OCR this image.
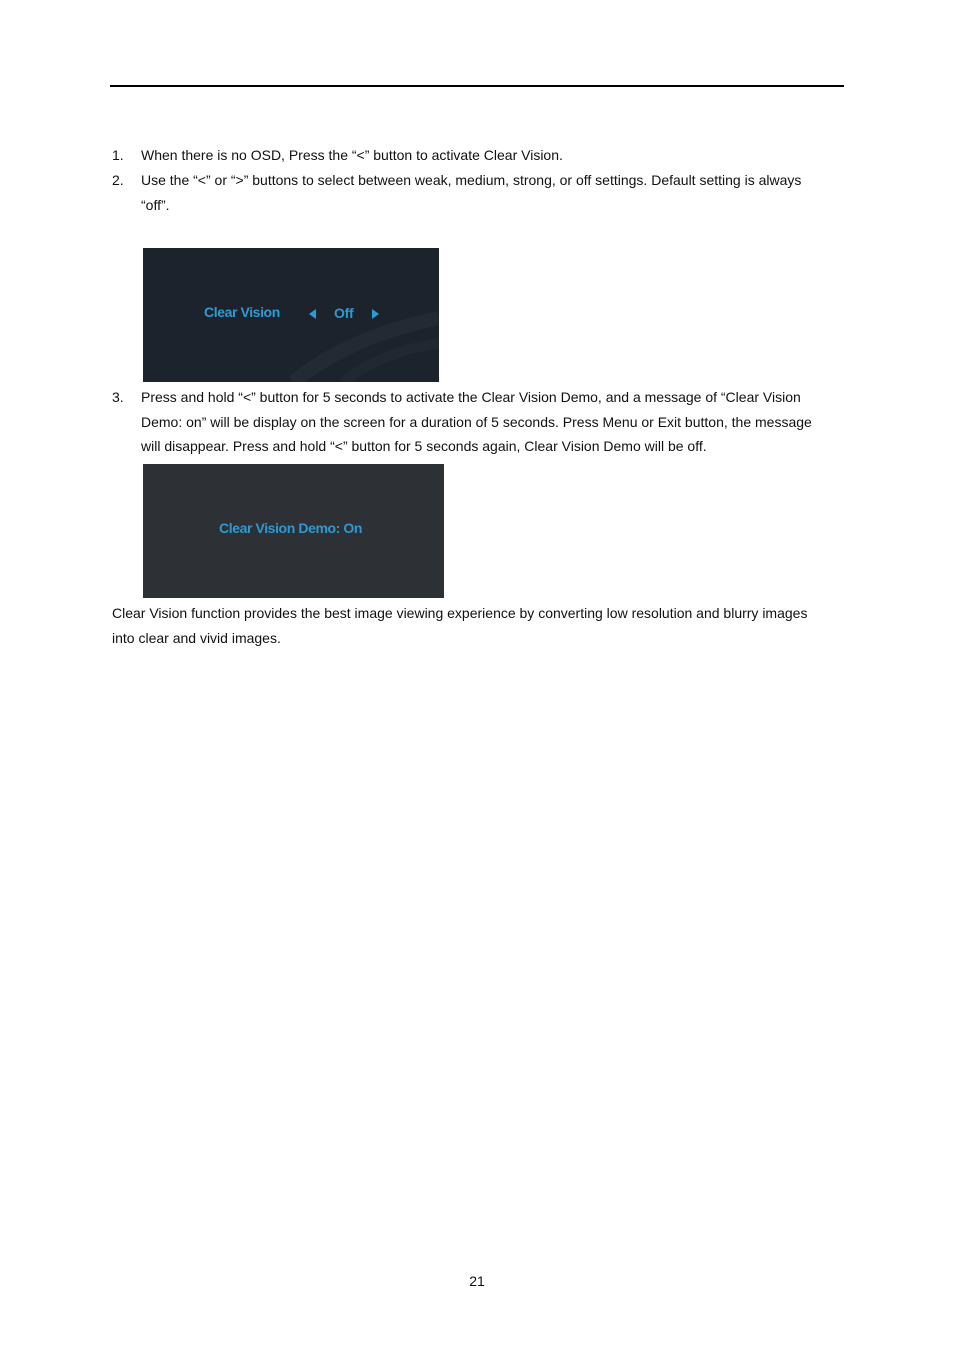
1.	When there is no OSD, Press the “<” button to activate Clear Vision.
2.	Use the “<” or “>” buttons to select between weak, medium, strong, or off settings. Default setting is always
“off”.
Clear Vision	Off
3.	Press and hold “<” button for 5 seconds to activate the Clear Vision Demo, and a message of “Clear Vision
Demo: on” will be display on the screen for a duration of 5 seconds. Press Menu or Exit button, the message
will disappear. Press and hold “<” button for 5 seconds again, Clear Vision Demo will be off.
Clear Vision Demo: On
Clear Vision function provides the best image viewing experience by converting low resolution and blurry images
into clear and vivid images.
21
